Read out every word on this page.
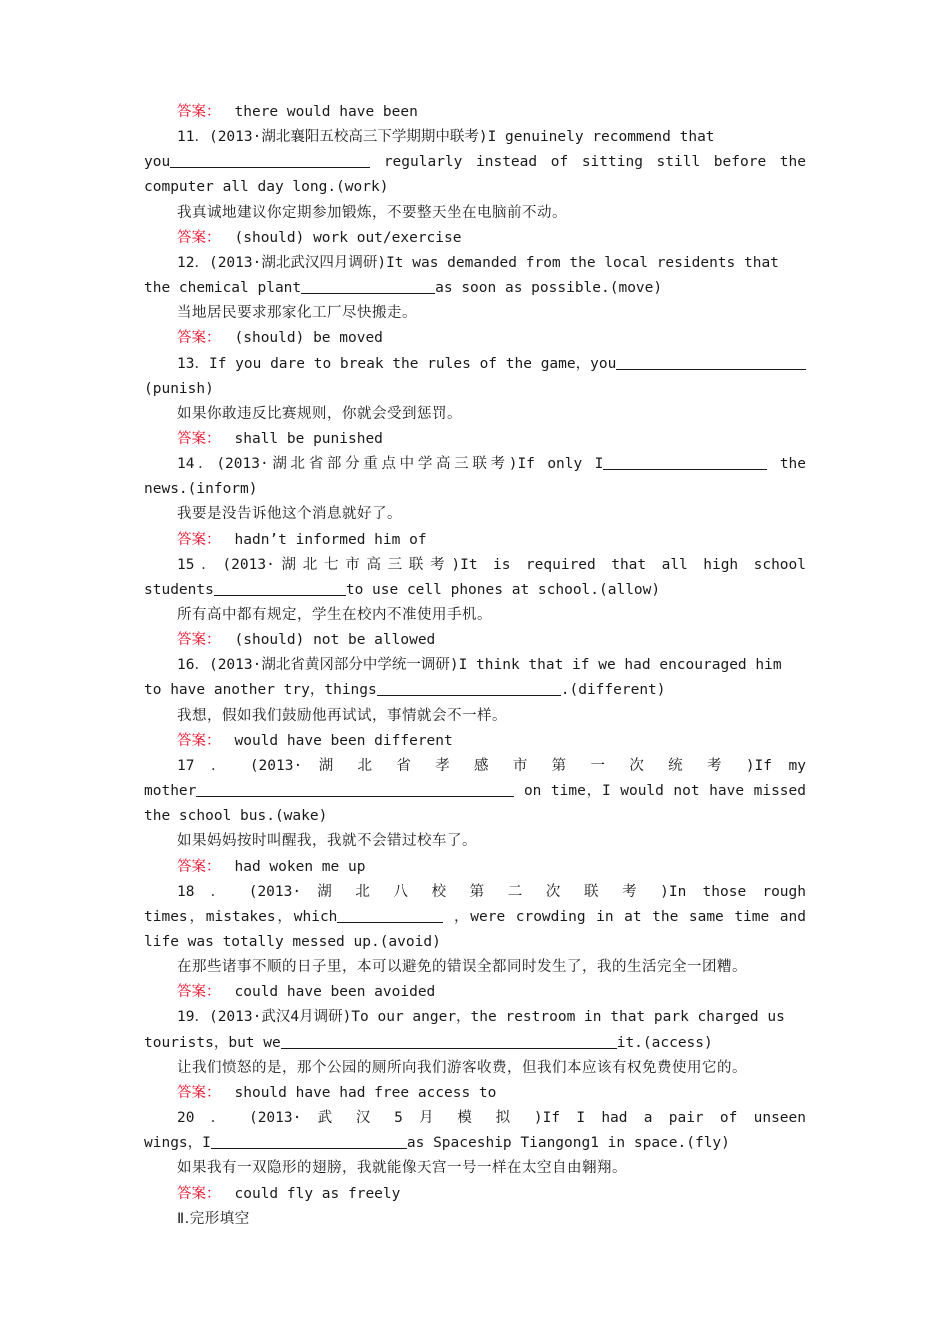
答案： there would have been
11．(2013·湖北襄阳五校高三下学期期中联考)I genuinely recommend that
you	regularly instead of sitting still before the
computer all day long.(work)
我真诚地建议你定期参加锻炼，不要整天坐在电脑前不动。
答案： (should) work out/exercise
12．(2013·湖北武汉四月调研)It was demanded from the local residents that
the chemical plant	as soon as possible.(move)
当地居民要求那家化工厂尽快搬走。
答案： (should) be moved
13．If you dare to break the rules of the game，you
(punish)
如果你敢违反比赛规则，你就会受到惩罚。
答案： shall be punished
14．(2013·湖北省部分重点中学高三联考)If only I	the
news.(inform)
我要是没告诉他这个消息就好了。
答案： hadn’t informed him of
15．(2013·湖北七市高三联考)It is required that all high school
students	to use cell phones at school.(allow)
所有高中都有规定，学生在校内不准使用手机。
答案： (should) not be allowed
16．(2013·湖北省黄冈部分中学统一调研)I think that if we had encouraged him
to have another try，things	.(different)
我想，假如我们鼓励他再试试，事情就会不一样。
答案： would have been different
17 ． (2013· 湖 北 省 孝 感 市 第 一 次 统 考 )If my
mother	on time，I would not have missed
the school bus.(wake)
如果妈妈按时叫醒我，我就不会错过校车了。
答案： had woken me up
18 ． (2013· 湖 北 八 校 第 二 次 联 考 )In those rough
times，mistakes，which	，were crowding in at the same time and
life was totally messed up.(avoid)
在那些诸事不顺的日子里，本可以避免的错误全都同时发生了，我的生活完全一团糟。
答案： could have been avoided
19．(2013·武汉4月调研)To our anger，the restroom in that park charged us
tourists，but we	it.(access)
让我们愤怒的是，那个公园的厕所向我们游客收费，但我们本应该有权免费使用它的。
答案： should have had free access to
20 ． (2013· 武 汉 5 月 模 拟 )If I had a pair of unseen
wings，I	as Spaceship Tiangong1 in space.(fly)
如果我有一双隐形的翅膀，我就能像天宫一号一样在太空自由翱翔。
答案： could fly as freely
Ⅱ.完形填空
